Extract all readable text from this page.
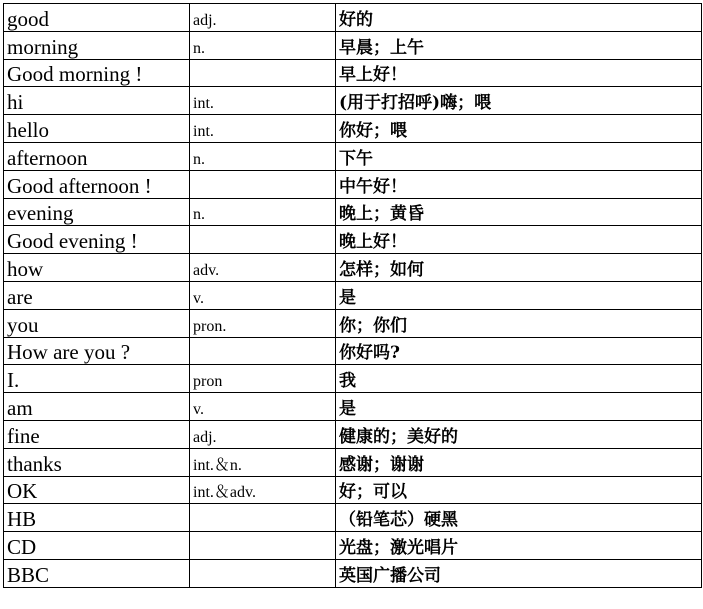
good	adj.	好的
morning	n.	早晨；上午
Good morning !		早上好！
hi	int.	(用于打招呼)嗨；喂
hello	int.	你好；喂
afternoon	n.	下午
Good afternoon !		中午好！
evening	n.	晚上；黄昏
Good evening !		晚上好！
how	adv.	怎样；如何
are	v.	是
you	pron.	你；你们
How are you ?		你好吗?
I.	pron	我
am	v.	是
fine	adj.	健康的；美好的
thanks	int.＆n.	感谢；谢谢
OK	int.＆adv.	好；可以
HB		（铅笔芯）硬黑
CD		光盘；激光唱片
BBC		英国广播公司
